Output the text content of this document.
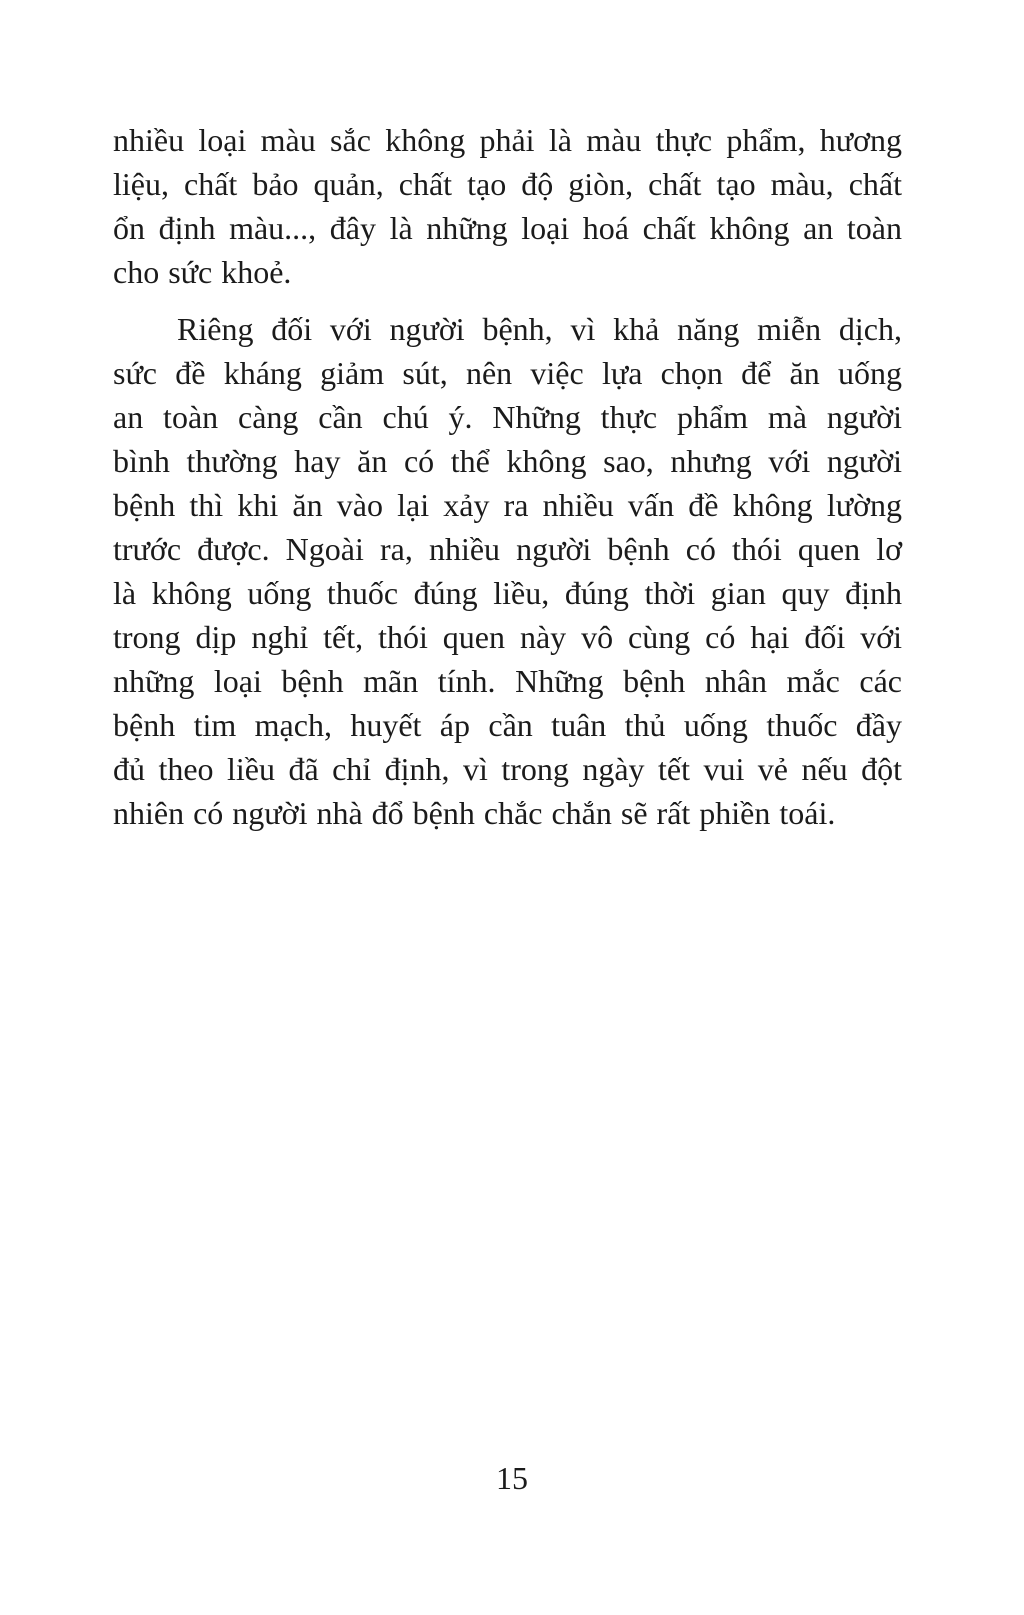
nhiều loại màu sắc không phải là màu thực phẩm, hương
liệu, chất bảo quản, chất tạo độ giòn, chất tạo màu, chất
ổn định màu..., đây là những loại hoá chất không an toàn
cho sức khoẻ.
Riêng đối với người bệnh, vì khả năng miễn dịch,
sức đề kháng giảm sút, nên việc lựa chọn để ăn uống
an toàn càng cần chú ý. Những thực phẩm mà người
bình thường hay ăn có thể không sao, nhưng với người
bệnh thì khi ăn vào lại xảy ra nhiều vấn đề không lường
trước được. Ngoài ra, nhiều người bệnh có thói quen lơ
là không uống thuốc đúng liều, đúng thời gian quy định
trong dịp nghỉ tết, thói quen này vô cùng có hại đối với
những loại bệnh mãn tính. Những bệnh nhân mắc các
bệnh tim mạch, huyết áp cần tuân thủ uống thuốc đầy
đủ theo liều đã chỉ định, vì trong ngày tết vui vẻ nếu đột
nhiên có người nhà đổ bệnh chắc chắn sẽ rất phiền toái.
15
